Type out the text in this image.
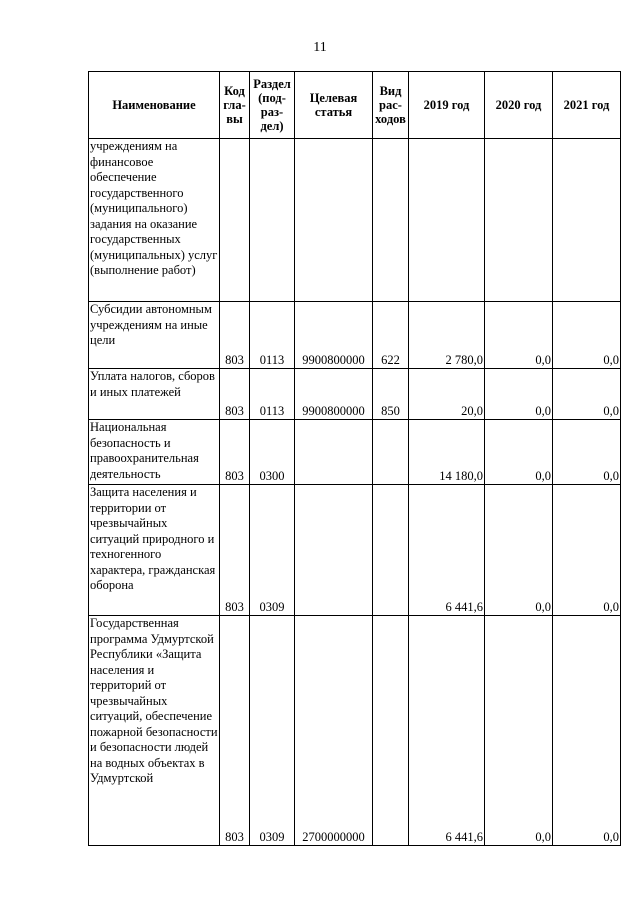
11
Наименование	Код гла- вы	Раздел (под- раз- дел)	Целевая статья	Вид рас- ходов	2019 год	2020 год	2021 год
учреждениям на финансовое обеспечение государственного (муниципального) задания на оказание государственных (муниципальных) услуг (выполнение работ)							
Субсидии автономным учреждениям на иные цели	803	0113	9900800000	622	2 780,0	0,0	0,0
Уплата налогов, сборов и иных платежей	803	0113	9900800000	850	20,0	0,0	0,0
Национальная безопасность и правоохранительная деятельность	803	0300			14 180,0	0,0	0,0
Защита населения и территории от чрезвычайных ситуаций природного и техногенного характера, гражданская оборона	803	0309			6 441,6	0,0	0,0
Государственная программа Удмуртской Республики «Защита населения и территорий от чрезвычайных ситуаций, обеспечение пожарной безопасности и безопасности людей на водных объектах в Удмуртской	803	0309	2700000000		6 441,6	0,0	0,0
